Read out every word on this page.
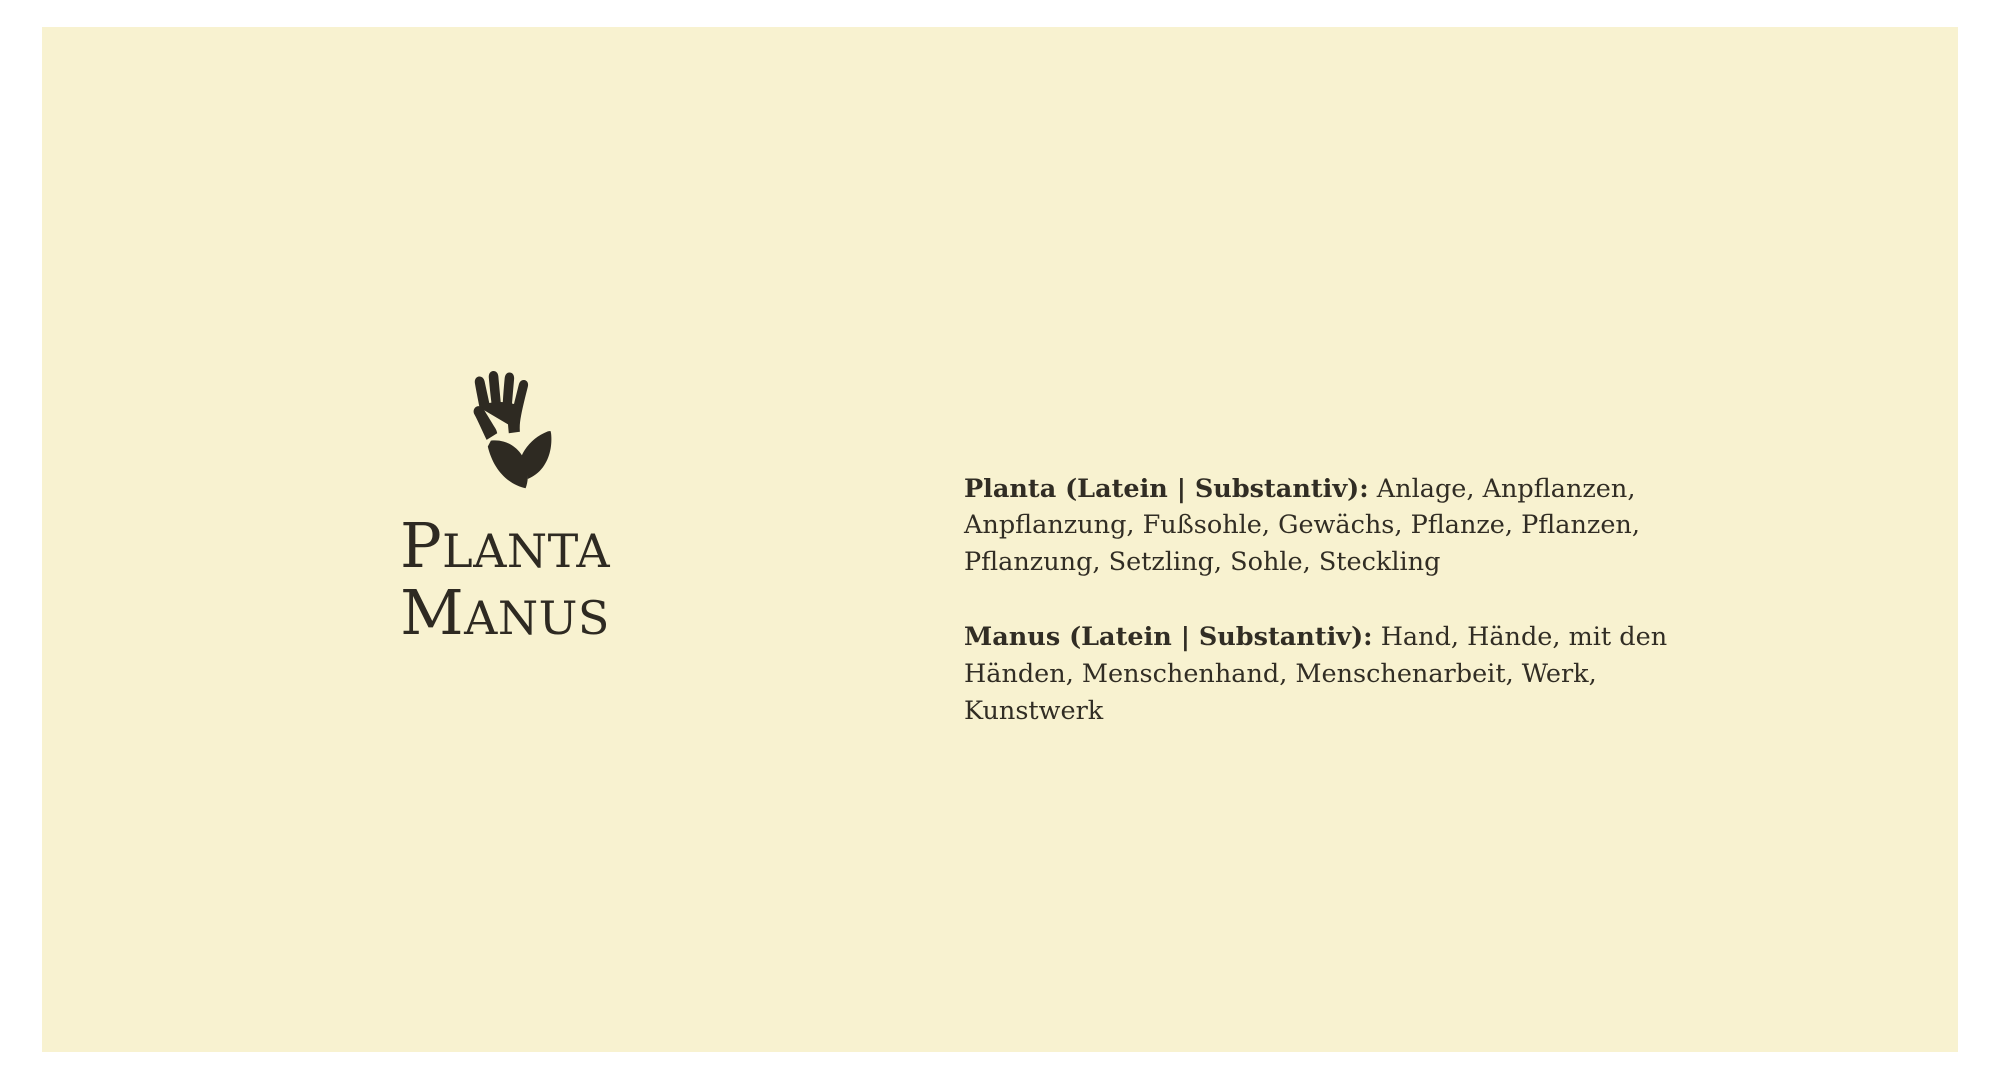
PLANTA
MANUS

Planta (Latein | Substantiv): Anlage, Anpflanzen, Anpflanzung, Fußsohle, Gewächs, Pflanze, Pflanzen, Pflanzung, Setzling, Sohle, Steckling

Manus (Latein | Substantiv): Hand, Hände, mit den Händen, Menschenhand, Menschenarbeit, Werk, Kunstwerk
